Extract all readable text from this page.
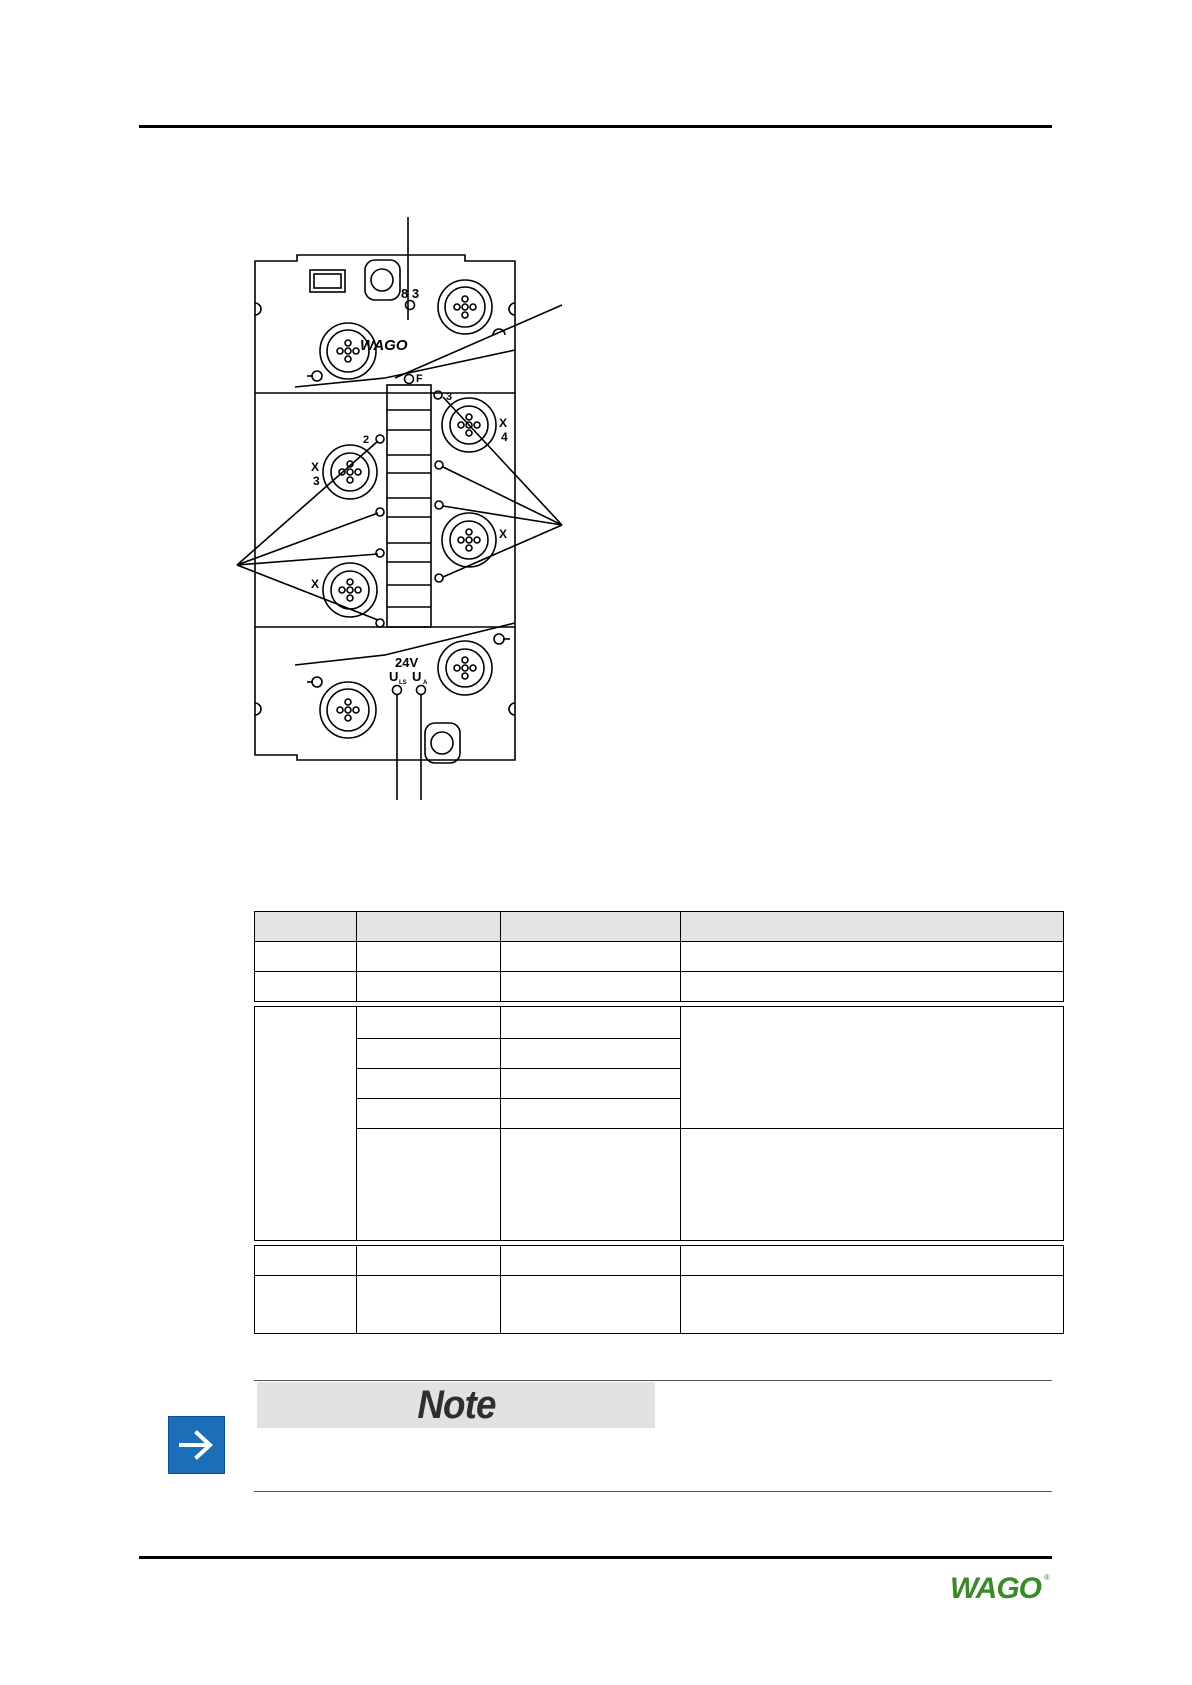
8 3
WAGO
F
3
2
X 4
X 3
X
X
24V
U LS U A

Note
WAGO ®
